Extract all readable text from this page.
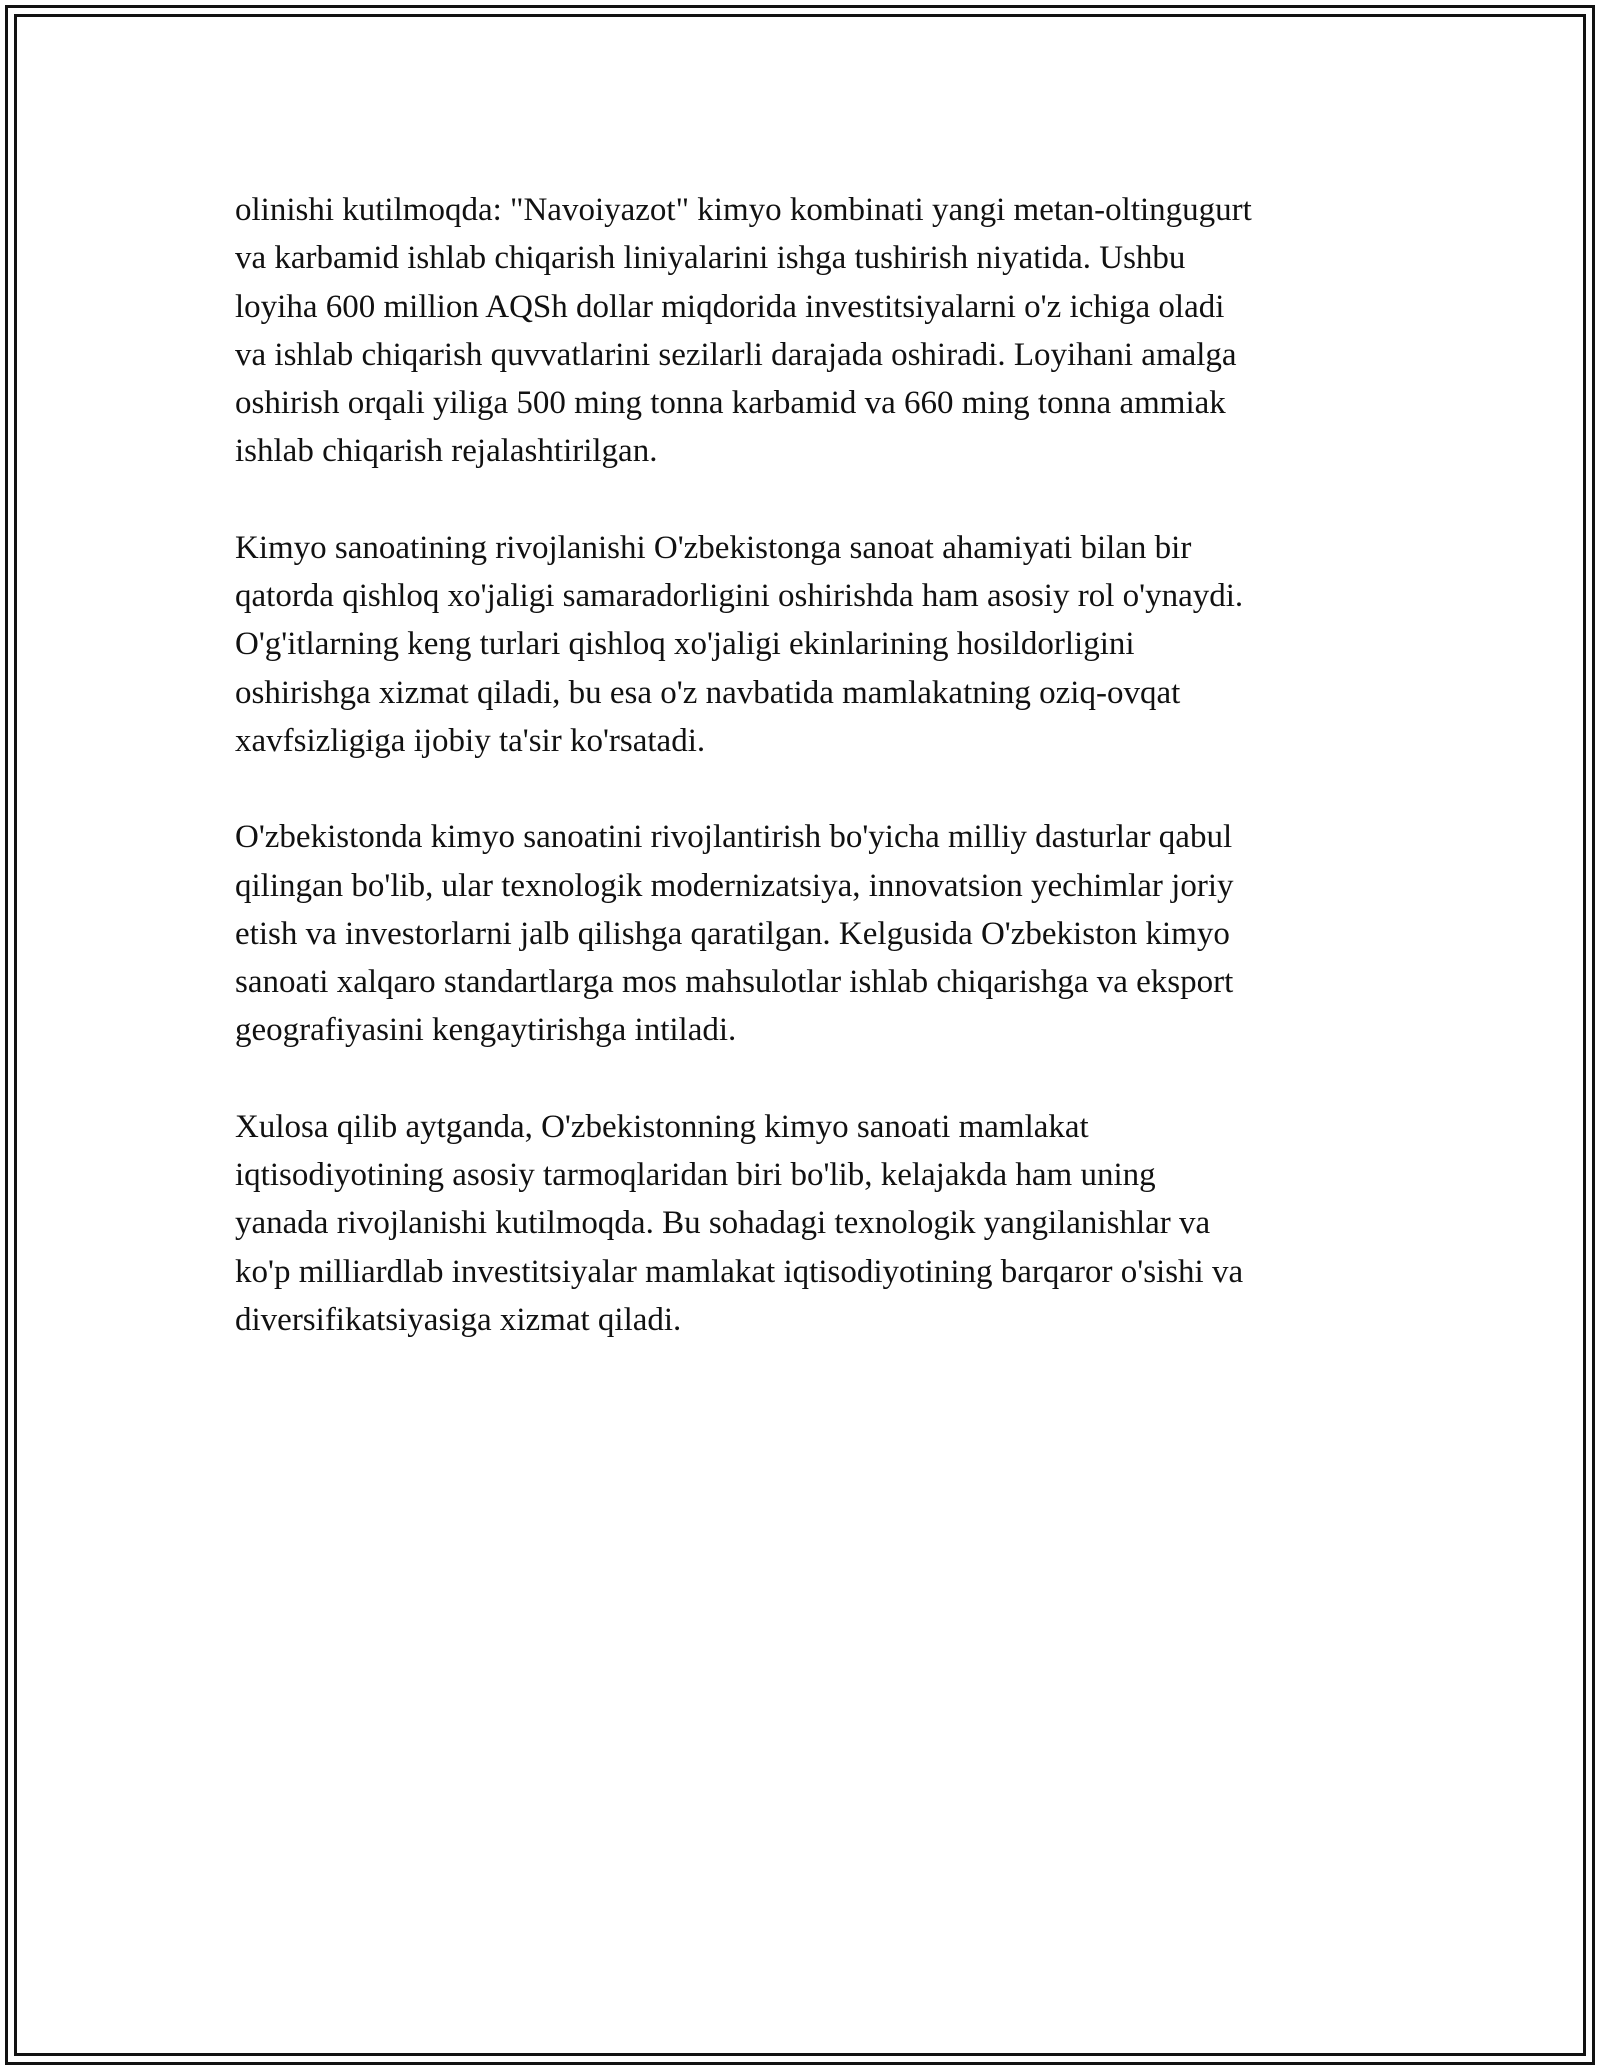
olinishi kutilmoqda: "Navoiyazot" kimyo kombinati yangi metan-oltingugurt
va karbamid ishlab chiqarish liniyalarini ishga tushirish niyatida. Ushbu
loyiha 600 million AQSh dollar miqdorida investitsiyalarni o'z ichiga oladi
va ishlab chiqarish quvvatlarini sezilarli darajada oshiradi. Loyihani amalga
oshirish orqali yiliga 500 ming tonna karbamid va 660 ming tonna ammiak
ishlab chiqarish rejalashtirilgan.

Kimyo sanoatining rivojlanishi O'zbekistonga sanoat ahamiyati bilan bir
qatorda qishloq xo'jaligi samaradorligini oshirishda ham asosiy rol o'ynaydi.
O'g'itlarning keng turlari qishloq xo'jaligi ekinlarining hosildorligini
oshirishga xizmat qiladi, bu esa o'z navbatida mamlakatning oziq-ovqat
xavfsizligiga ijobiy ta'sir ko'rsatadi.

O'zbekistonda kimyo sanoatini rivojlantirish bo'yicha milliy dasturlar qabul
qilingan bo'lib, ular texnologik modernizatsiya, innovatsion yechimlar joriy
etish va investorlarni jalb qilishga qaratilgan. Kelgusida O'zbekiston kimyo
sanoati xalqaro standartlarga mos mahsulotlar ishlab chiqarishga va eksport
geografiyasini kengaytirishga intiladi.

Xulosa qilib aytganda, O'zbekistonning kimyo sanoati mamlakat
iqtisodiyotining asosiy tarmoqlaridan biri bo'lib, kelajakda ham uning
yanada rivojlanishi kutilmoqda. Bu sohadagi texnologik yangilanishlar va
ko'p milliardlab investitsiyalar mamlakat iqtisodiyotining barqaror o'sishi va
diversifikatsiyasiga xizmat qiladi.
